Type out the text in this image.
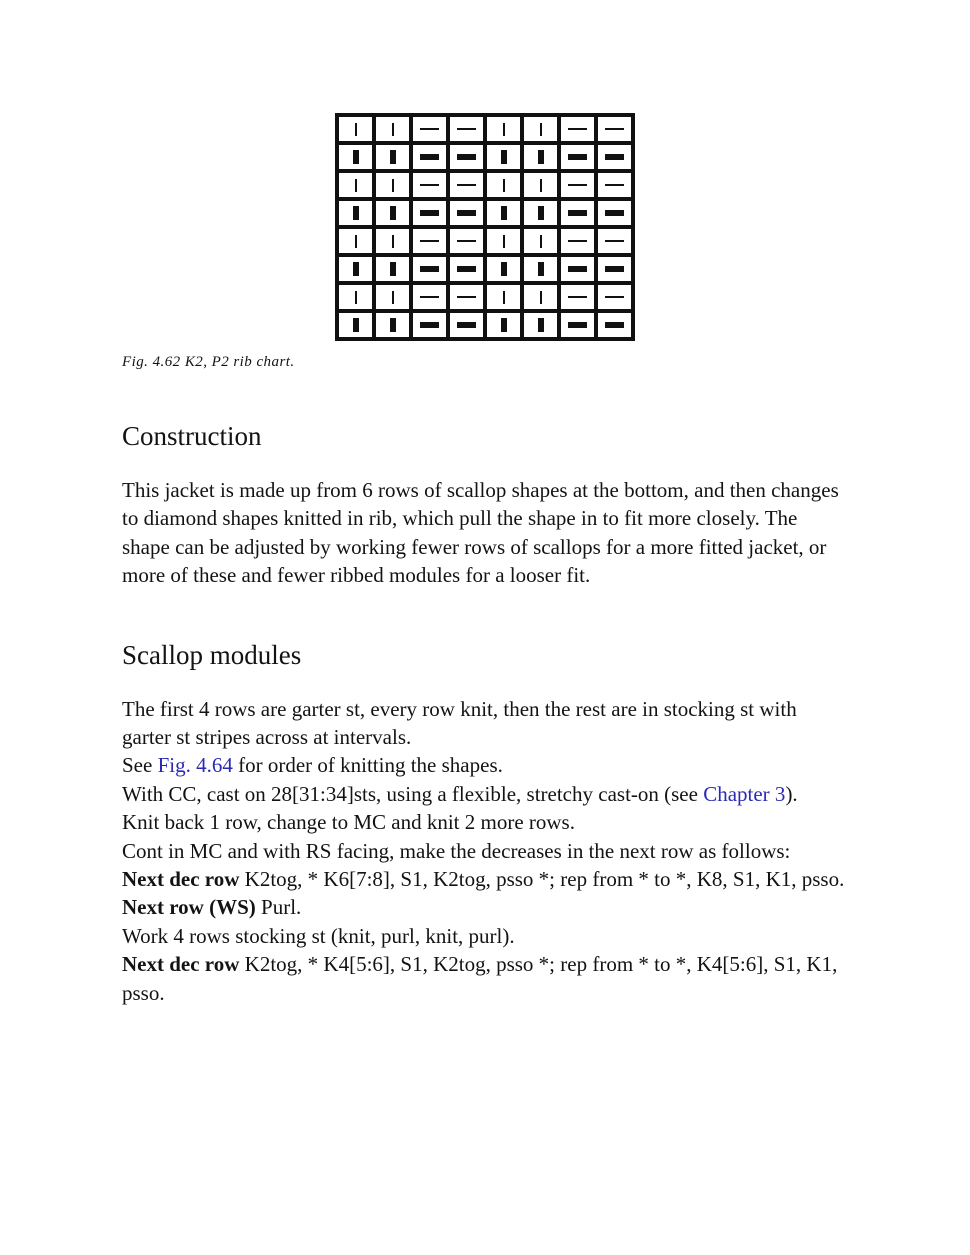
Fig. 4.62 K2, P2 rib chart.
Construction

This jacket is made up from 6 rows of scallop shapes at the bottom, and then changes to diamond shapes knitted in rib, which pull the shape in to fit more closely. The shape can be adjusted by working fewer rows of scallops for a more fitted jacket, or more of these and fewer ribbed modules for a looser fit.

Scallop modules

The first 4 rows are garter st, every row knit, then the rest are in stocking st with garter st stripes across at intervals.

See Fig. 4.64 for order of knitting the shapes.

With CC, cast on 28[31:34]sts, using a flexible, stretchy cast-on (see Chapter 3).

Knit back 1 row, change to MC and knit 2 more rows.

Cont in MC and with RS facing, make the decreases in the next row as follows:

Next dec row K2tog, * K6[7:8], S1, K2tog, psso *; rep from * to *, K8, S1, K1, psso.

Next row (WS) Purl.

Work 4 rows stocking st (knit, purl, knit, purl).

Next dec row K2tog, * K4[5:6], S1, K2tog, psso *; rep from * to *, K4[5:6], S1, K1, psso.
